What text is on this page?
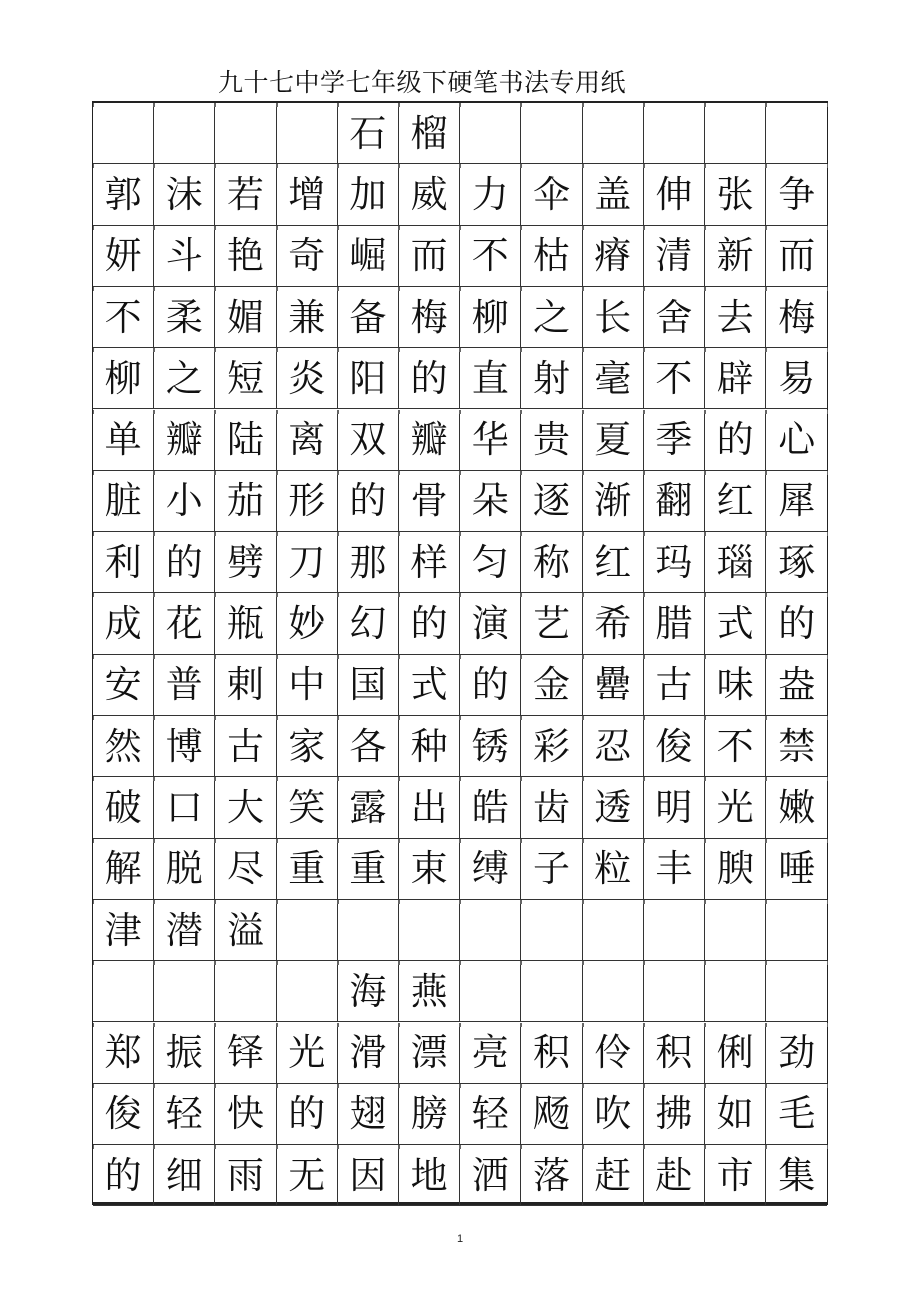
九十七中学七年级下硬笔书法专用纸
石 榴
郭 沫 若 增 加 威 力 伞 盖 伸 张 争
妍 斗 艳 奇 崛 而 不 枯 瘠 清 新 而
不 柔 媚 兼 备 梅 柳 之 长 舍 去 梅
柳 之 短 炎 阳 的 直 射 毫 不 辟 易
单 瓣 陆 离 双 瓣 华 贵 夏 季 的 心
脏 小 茄 形 的 骨 朵 逐 渐 翻 红 犀
利 的 劈 刀 那 样 匀 称 红 玛 瑙 琢
成 花 瓶 妙 幻 的 演 艺 希 腊 式 的
安 普 剌 中 国 式 的 金 罍 古 味 盎
然 博 古 家 各 种 锈 彩 忍 俊 不 禁
破 口 大 笑 露 出 皓 齿 透 明 光 嫩
解 脱 尽 重 重 束 缚 子 粒 丰 腴 唾
津 潜 溢
海 燕
郑 振 铎 光 滑 漂 亮 积 伶 积 俐 劲
俊 轻 快 的 翅 膀 轻 飏 吹 拂 如 毛
的 细 雨 无 因 地 洒 落 赶 赴 市 集
1
